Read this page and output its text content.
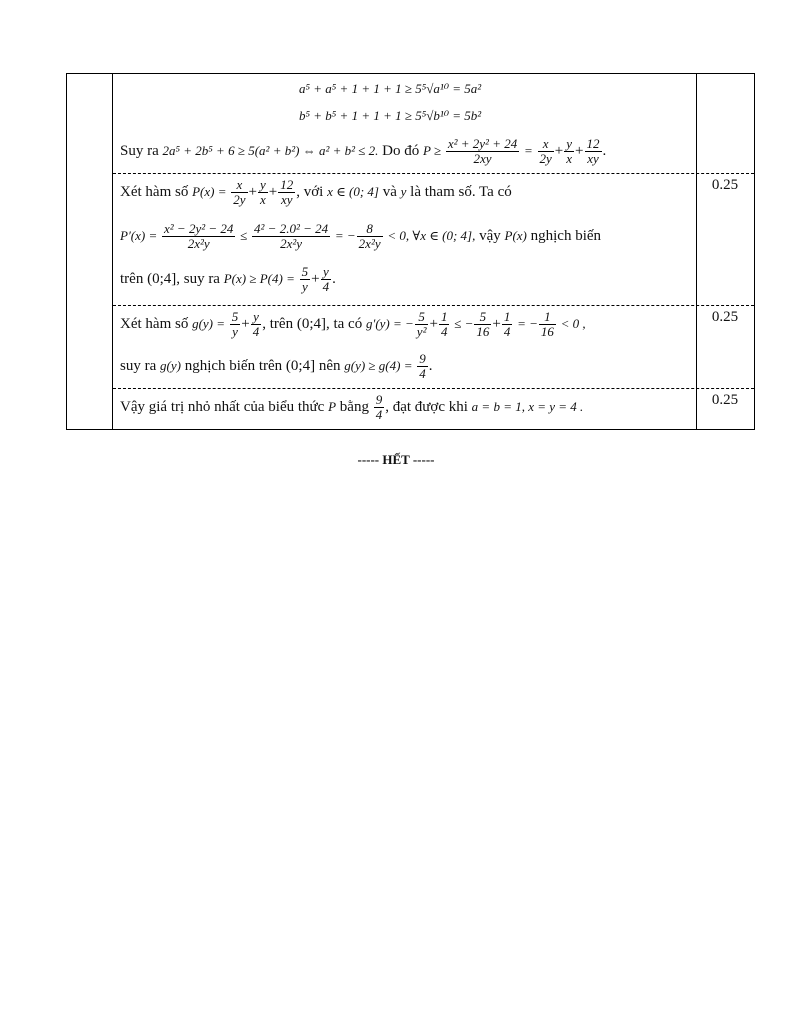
a⁵ + a⁵ + 1 + 1 + 1 ≥ 5⁵√a¹⁰ = 5a²
b⁵ + b⁵ + 1 + 1 + 1 ≥ 5⁵√b¹⁰ = 5b²
Suy ra 2a⁵ + 2b⁵ + 6 ≥ 5(a² + b²) ⇔ a² + b² ≤ 2. Do đó $P \ge \frac{\text{x² + 2y² + 24}}{2xy} = \frac{x}{2y} + \frac{y}{x} + \frac{12}{xy}$ .
0.25
Xét hàm số $P(x) = \frac{x}{2y} + \frac{y}{x} + \frac{12}{xy}$ , với x ∈ (0; 4] và y là tham số. Ta có
$P'(x) = \frac{\text{x² − 2y² − 24}}{\text{2x²y}} \le \frac{\text{4² − 2.0² − 24}}{\text{2x²y}}$ = − $\frac{8}{\text{2x²y}} < 0$, ∀x ∈ (0; 4], vậy P(x) nghịch biến
trên (0;4], suy ra $P(x) \ge P(4) = \frac{5}{y} + \frac{y}{4}$ .
0.25
Xét hàm số $g(y) = \frac{5}{y} + \frac{y}{4}$ , trên (0;4], ta có g′(y) = − $\frac{5}{\text{y²}} + \frac{1}{4}$ ≤ − $\frac{5}{16} + \frac{1}{4}$ = − $\frac{1}{16} < 0$ ,
suy ra g(y) nghịch biến trên (0;4] nên $g(y) \ge g(4) = \frac{9}{4}$ .
0.25
Vậy giá trị nhỏ nhất của biểu thức P bằng $\frac{9}{4}$ , đạt được khi a = b = 1, x = y = 4 .
----- HẾT -----
